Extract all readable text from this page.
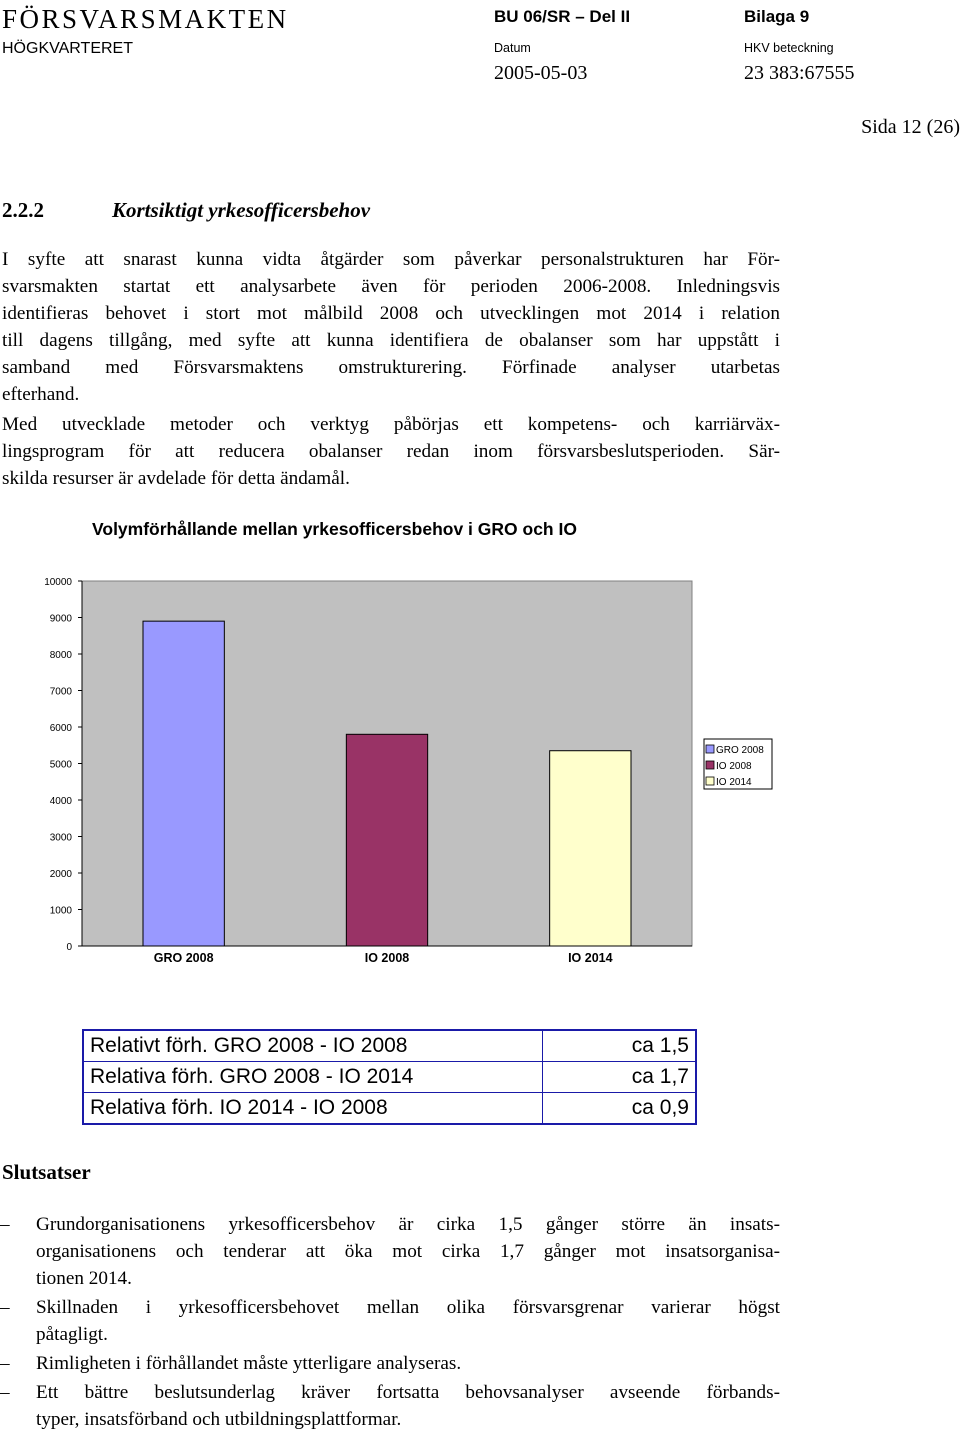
FÖRSVARSMAKTEN
HÖGKVARTERET
BU 06/SR – Del II	Bilaga 9
Datum	HKV beteckning
2005-05-03	23 383:67555
Sida 12 (26)
2.2.2	Kortsiktigt yrkesofficersbehov
I syfte att snarast kunna vidta åtgärder som påverkar personalstrukturen har För-
svarsmakten startat ett analysarbete även för perioden 2006-2008. Inledningsvis
identifieras behovet i stort mot målbild 2008 och utvecklingen mot 2014 i relation
till dagens tillgång, med syfte att kunna identifiera de obalanser som har uppstått i
samband med Försvarsmaktens omstrukturering. Förfinade analyser utarbetas
efterhand.
Med utvecklade metoder och verktyg påbörjas ett kompetens- och karriärväx-
lingsprogram för att reducera obalanser redan inom försvarsbeslutsperioden. Sär-
skilda resurser är avdelade för detta ändamål.
Volymförhållande mellan yrkesofficersbehov i GRO och IO
0
1000
2000
3000
4000
5000
6000
7000
8000
9000
10000
GRO 2008	IO 2008	IO 2014
GRO 2008
IO 2008
IO 2014
Relativt förh. GRO 2008 - IO 2008	ca 1,5
Relativa förh. GRO 2008 - IO 2014	ca 1,7
Relativa förh. IO 2014 - IO 2008	ca 0,9
Slutsatser
–	Grundorganisationens yrkesofficersbehov är cirka 1,5 gånger större än insats-
organisationens och tenderar att öka mot cirka 1,7 gånger mot insatsorganisa-
tionen 2014.
–	Skillnaden i yrkesofficersbehovet mellan olika försvarsgrenar varierar högst
påtagligt.
–	Rimligheten i förhållandet måste ytterligare analyseras.
–	Ett bättre beslutsunderlag kräver fortsatta behovsanalyser avseende förbands-
typer, insatsförband och utbildningsplattformar.
